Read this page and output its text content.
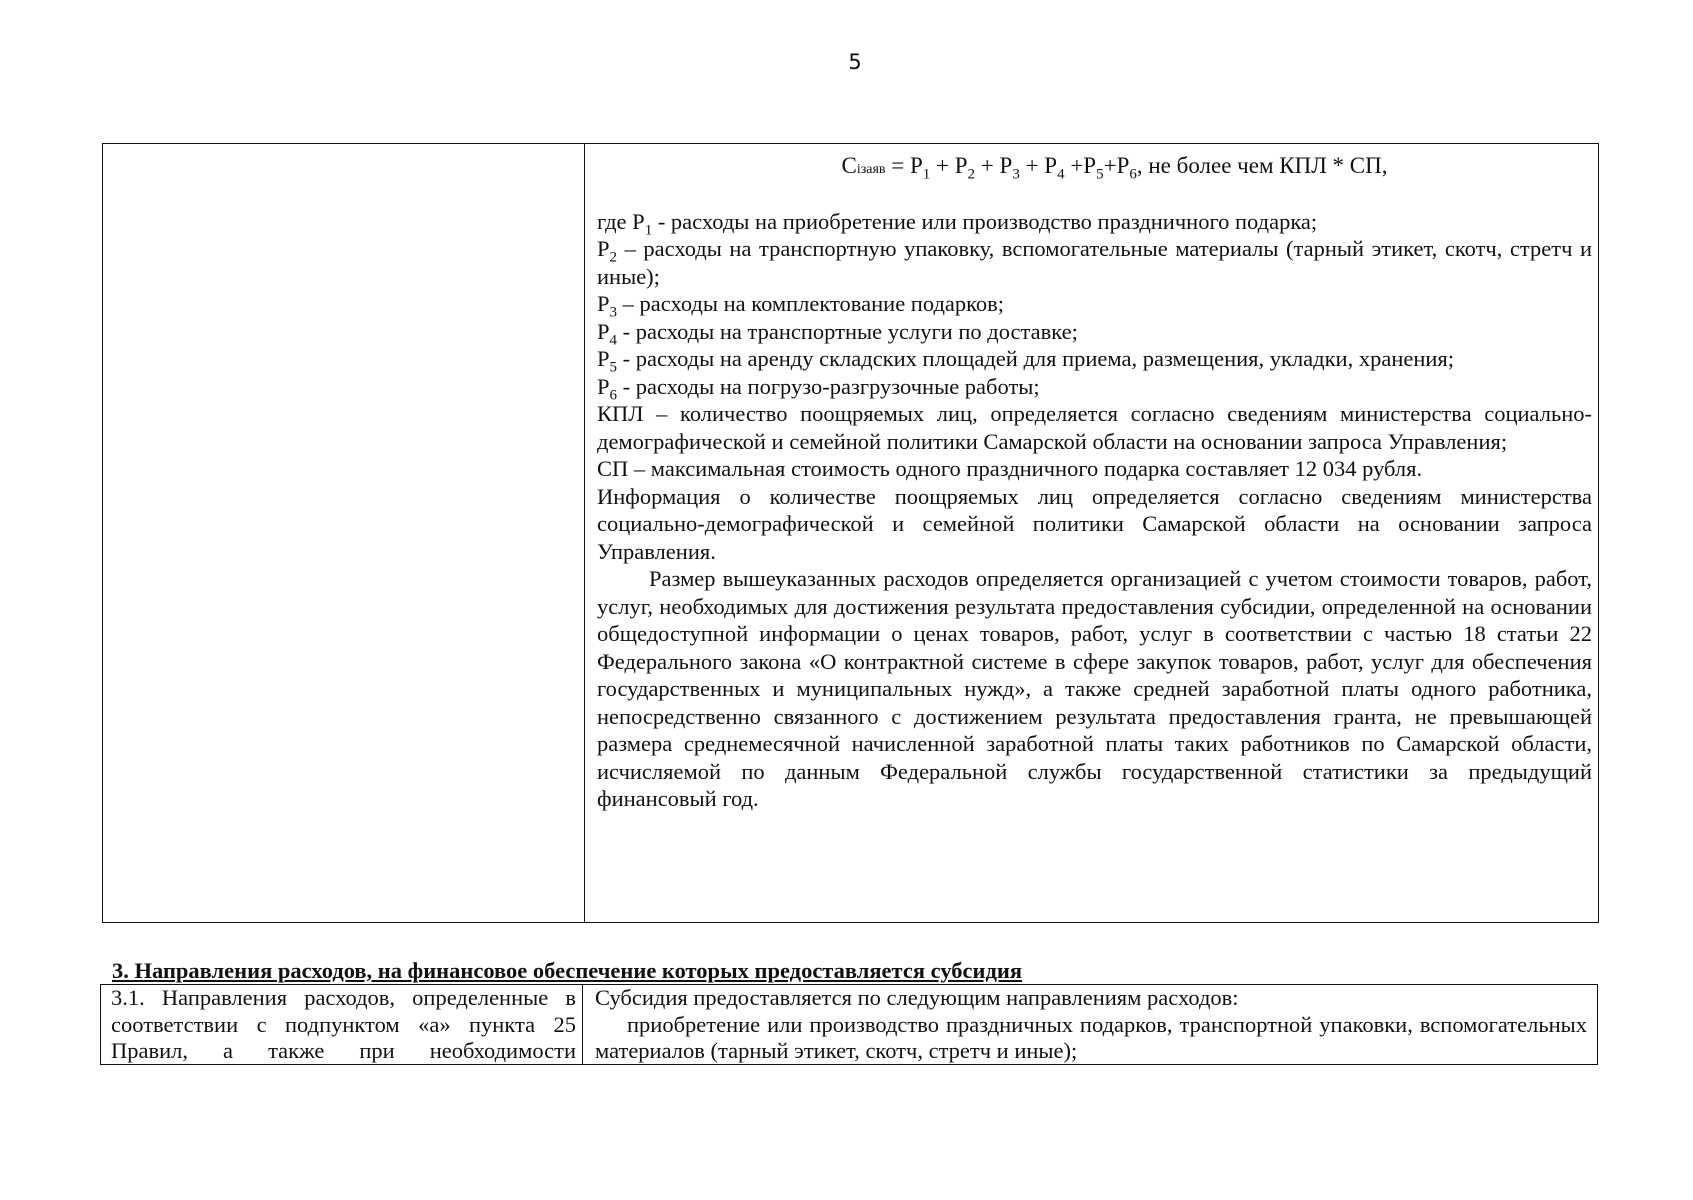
5
Ciзаяв = $P_1 + P_2 + P_3 + P_4 +P_5+P_6$, не более чем КПЛ * СП,

где $P_1$ - расходы на приобретение или производство праздничного подарка;

$P_2$ – расходы на транспортную упаковку, вспомогательные материалы (тарный этикет, скотч, стретч и иные);

$P_3$ – расходы на комплектование подарков;

$P_4$ - расходы на транспортные услуги по доставке;

$P_5$ - расходы на аренду складских площадей для приема, размещения, укладки, хранения;

$P_6$ - расходы на погрузо-разгрузочные работы;

КПЛ – количество поощряемых лиц, определяется согласно сведениям министерства социально-демографической и семейной политики Самарской области на основании запроса Управления;

СП – максимальная стоимость одного праздничного подарка составляет 12 034 рубля.

Информация о количестве поощряемых лиц определяется согласно сведениям министерства социально-демографической и семейной политики Самарской области на основании запроса Управления.

Размер вышеуказанных расходов определяется организацией с учетом стоимости товаров, работ, услуг, необходимых для достижения результата предоставления субсидии, определенной на основании общедоступной информации о ценах товаров, работ, услуг в соответствии с частью 18 статьи 22 Федерального закона «О контрактной системе в сфере закупок товаров, работ, услуг для обеспечения государственных и муниципальных нужд», а также средней заработной платы одного работника, непосредственно связанного с достижением результата предоставления гранта, не превышающей размера среднемесячной начисленной заработной платы таких работников по Самарской области, исчисляемой по данным Федеральной службы государственной статистики за предыдущий финансовый год.

3. Направления расходов, на финансовое обеспечение которых предоставляется субсидия
3.1. Направления расходов, определенные в соответствии с подпунктом «а» пункта 25 Правил, а также при необходимости
Субсидия предоставляется по следующим направлениям расходов:
приобретение или производство праздничных подарков, транспортной упаковки, вспомогательных материалов (тарный этикет, скотч, стретч и иные);
